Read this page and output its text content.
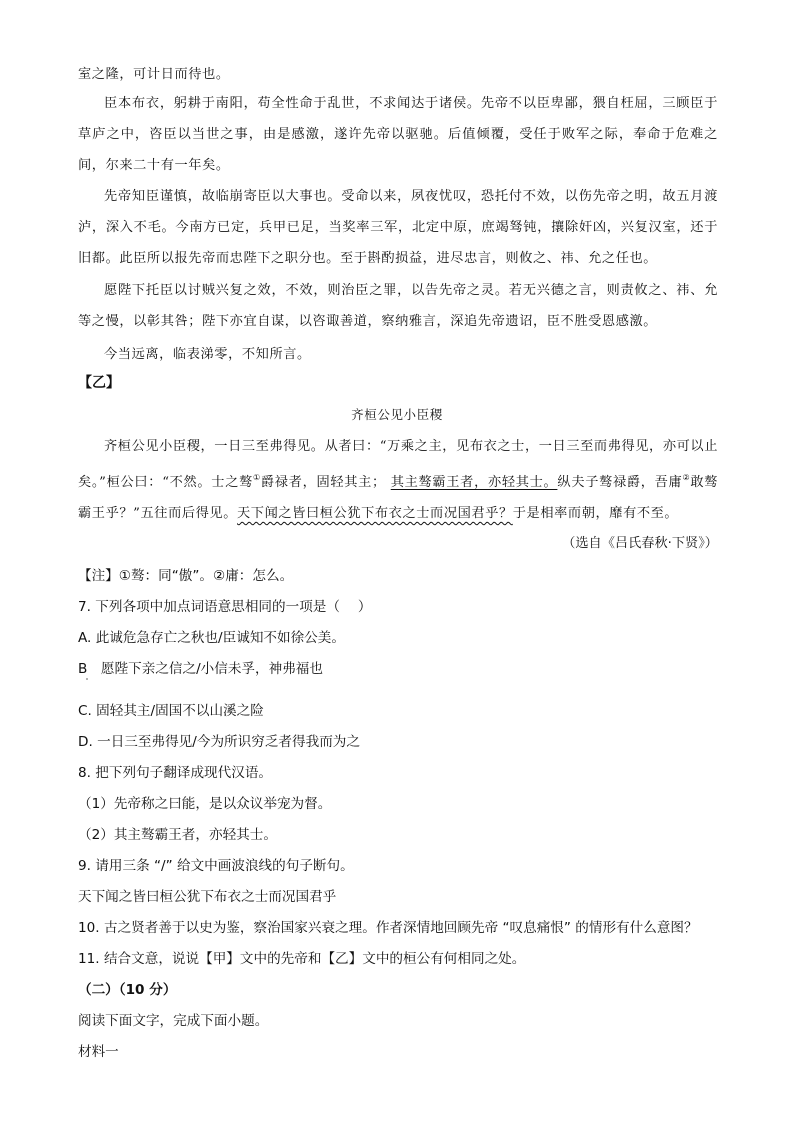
室之隆，可计日而待也。
臣本布衣，躬耕于南阳，苟全性命于乱世，不求闻达于诸侯。先帝不以臣卑鄙，猥自枉屈，三顾臣于草庐之中，咨臣以当世之事，由是感激，遂许先帝以驱驰。后值倾覆，受任于败军之际，奉命于危难之间，尔来二十有一年矣。
先帝知臣谨慎，故临崩寄臣以大事也。受命以来，夙夜忧叹，恐托付不效，以伤先帝之明，故五月渡泸，深入不毛。今南方已定，兵甲已足，当奖率三军，北定中原，庶竭驽钝，攘除奸凶，兴复汉室，还于旧都。此臣所以报先帝而忠陛下之职分也。至于斟酌损益，进尽忠言，则攸之、祎、允之任也。
愿陛下托臣以讨贼兴复之效，不效，则治臣之罪，以告先帝之灵。若无兴德之言，则责攸之、祎、允等之慢，以彰其咎；陛下亦宜自谋，以咨诹善道，察纳雅言，深追先帝遗诏，臣不胜受恩感激。
今当远离，临表涕零，不知所言。
【乙】
齐桓公见小臣稷
齐桓公见小臣稷，一日三至弗得见。从者曰：“万乘之主，见布衣之士，一日三至而弗得见，亦可以止矣。”桓公曰：“不然。士之骜①爵禄者，固轻其主； 其主骜霸王者，亦轻其士。纵夫子骜禄爵，吾庸②敢骜霸王乎？”五往而后得见。天下闻之皆曰桓公犹下布衣之士而况国君乎？于是相率而朝，靡有不至。
（选自《吕氏春秋·下贤》）
【注】①骜：同“傲”。②庸：怎么。
7. 下列各项中加点词语意思相同的一项是（　 ）
A. 此诚危急存亡之秋也/臣诚知不如徐公美。
B　愿陛下亲之信之/小信未孚，神弗福也
C. 固轻其主/固国不以山溪之险
D. 一日三至弗得见/今为所识穷乏者得我而为之
8. 把下列句子翻译成现代汉语。
（1）先帝称之曰能，是以众议举宠为督。
（2）其主骜霸王者，亦轻其士。
9. 请用三条 “/” 给文中画波浪线的句子断句。
天下闻之皆曰桓公犹下布衣之士而况国君乎
10. 古之贤者善于以史为鉴，察治国家兴衰之理。作者深情地回顾先帝 “叹息痛恨” 的情形有什么意图？
11. 结合文意，说说【甲】文中的先帝和【乙】文中的桓公有何相同之处。
（二）（10 分）
阅读下面文字，完成下面小题。
材料一
